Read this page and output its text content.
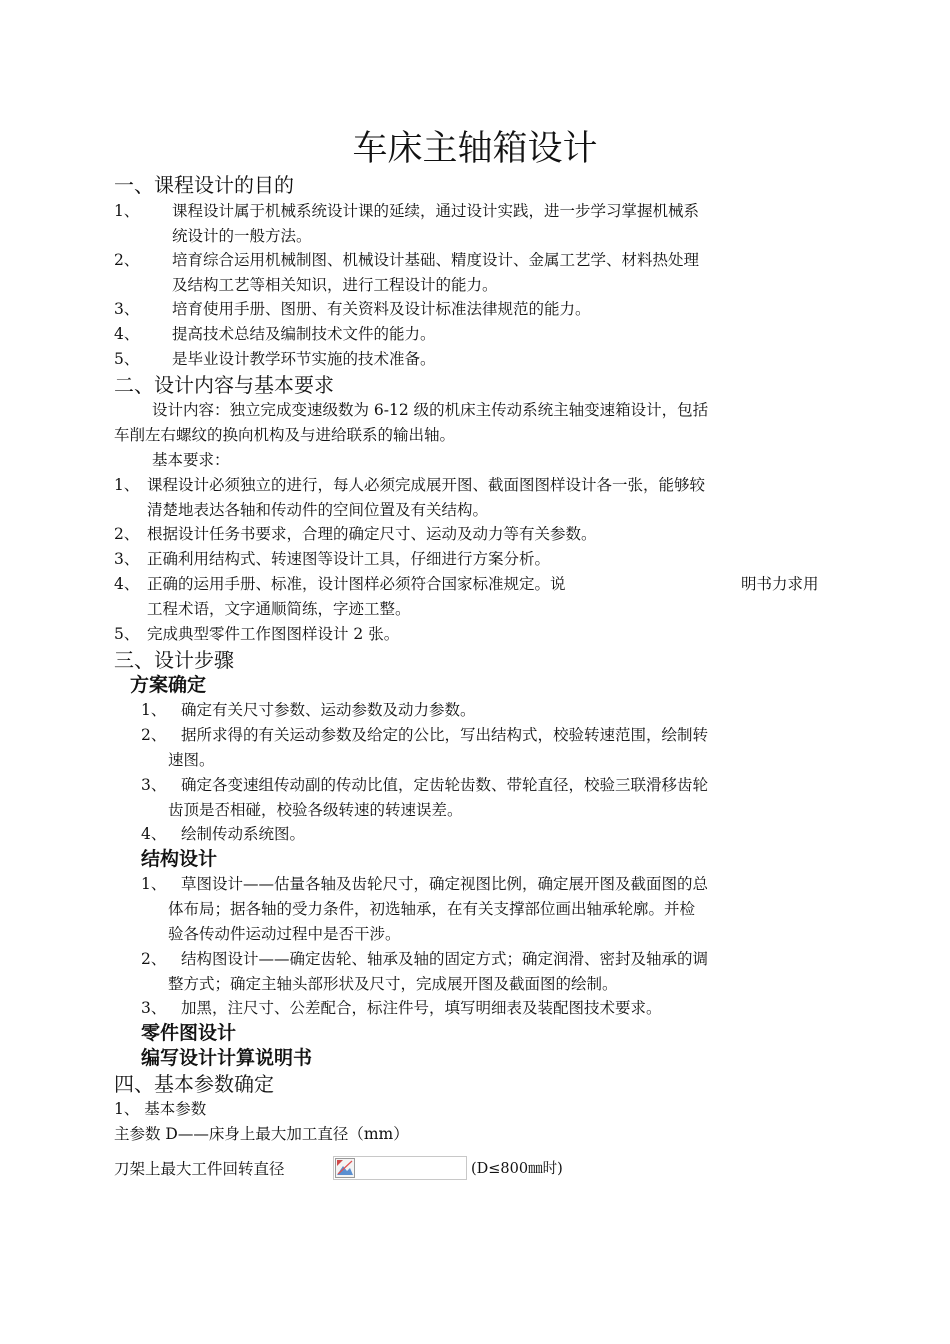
车床主轴箱设计
一、课程设计的目的
1、 课程设计属于机械系统设计课的延续，通过设计实践，进一步学习掌握机械系
统设计的一般方法。
2、 培育综合运用机械制图、机械设计基础、精度设计、金属工艺学、材料热处理
及结构工艺等相关知识，进行工程设计的能力。
3、 培育使用手册、图册、有关资料及设计标准法律规范的能力。
4、 提高技术总结及编制技术文件的能力。
5、 是毕业设计教学环节实施的技术准备。
二、设计内容与基本要求
设计内容：独立完成变速级数为 6-12 级的机床主传动系统主轴变速箱设计，包括
车削左右螺纹的换向机构及与进给联系的输出轴。
基本要求：
1、 课程设计必须独立的进行，每人必须完成展开图、截面图图样设计各一张，能够较
清楚地表达各轴和传动件的空间位置及有关结构。
2、 根据设计任务书要求，合理的确定尺寸、运动及动力等有关参数。
3、 正确利用结构式、转速图等设计工具，仔细进行方案分析。
4、 正确的运用手册、标准，设计图样必须符合国家标准规定。说	明书力求用
工程术语，文字通顺简练，字迹工整。
5、 完成典型零件工作图图样设计 2 张。
三、设计步骤
方案确定
1、 确定有关尺寸参数、运动参数及动力参数。
2、 据所求得的有关运动参数及给定的公比，写出结构式，校验转速范围，绘制转
速图。
3、 确定各变速组传动副的传动比值，定齿轮齿数、带轮直径，校验三联滑移齿轮
齿顶是否相碰，校验各级转速的转速误差。
4、 绘制传动系统图。
结构设计
1、 草图设计——估量各轴及齿轮尺寸，确定视图比例，确定展开图及截面图的总
体布局；据各轴的受力条件，初选轴承，在有关支撑部位画出轴承轮廓。并检
验各传动件运动过程中是否干涉。
2、 结构图设计——确定齿轮、轴承及轴的固定方式；确定润滑、密封及轴承的调
整方式；确定主轴头部形状及尺寸，完成展开图及截面图的绘制。
3、 加黑，注尺寸、公差配合，标注件号，填写明细表及装配图技术要求。
零件图设计
编写设计计算说明书
四、基本参数确定
1、 基本参数
主参数 D——床身上最大加工直径（mm）
刀架上最大工件回转直径	(D≤800㎜时)
